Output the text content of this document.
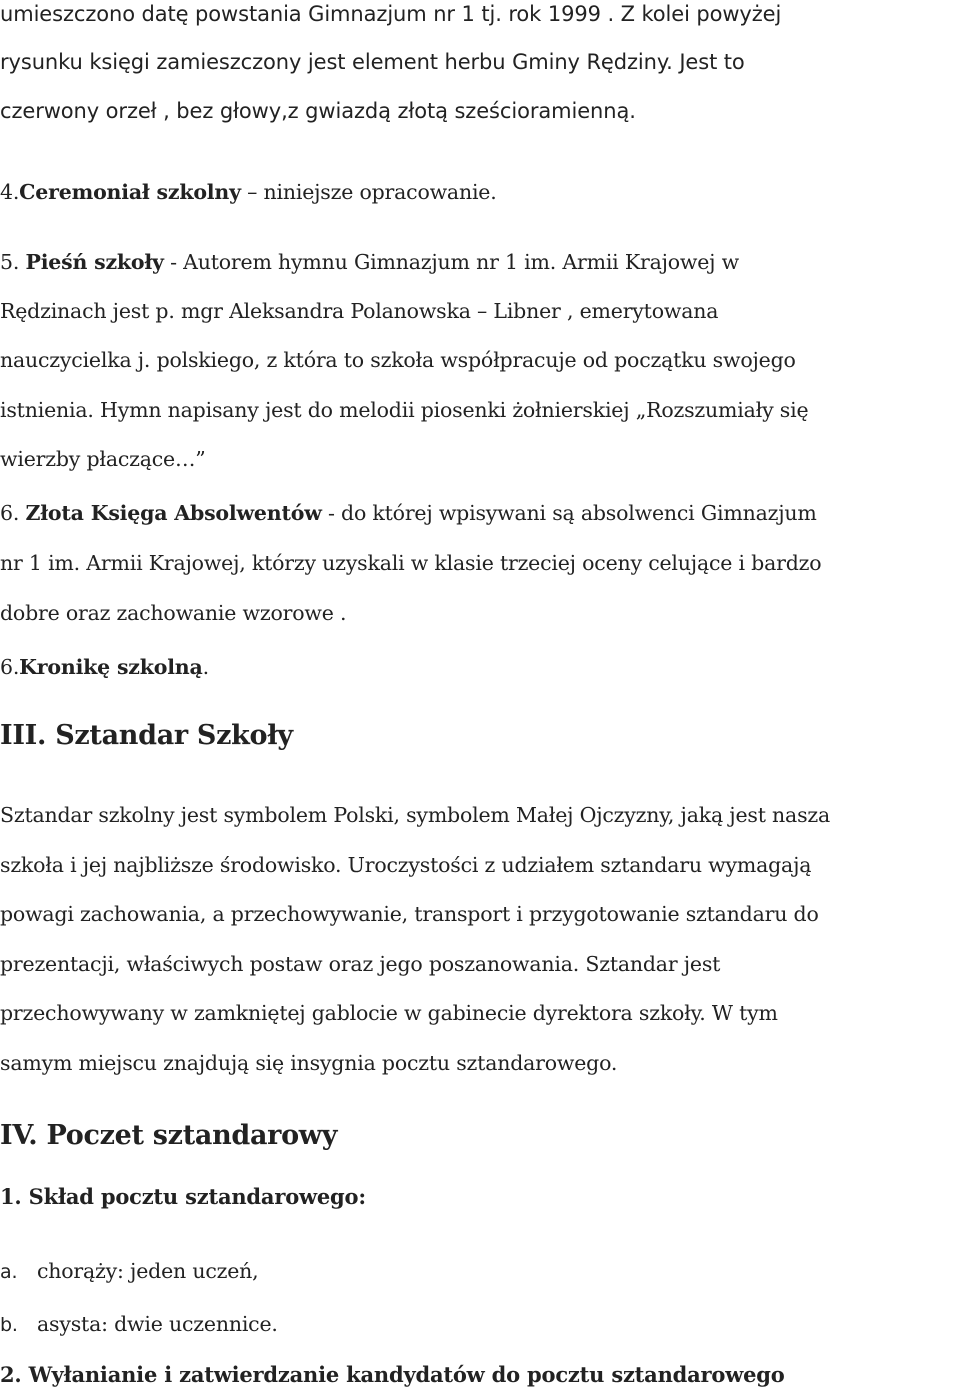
umieszczono datę powstania Gimnazjum nr 1 tj. rok 1999 . Z kolei powyżej
rysunku księgi zamieszczony jest element herbu Gminy Rędziny. Jest to
czerwony orzeł , bez głowy,z gwiazdą złotą sześcioramienną.
4.Ceremoniał szkolny – niniejsze opracowanie.
5. Pieśń szkoły - Autorem hymnu Gimnazjum nr 1 im. Armii Krajowej w
Rędzinach jest p. mgr Aleksandra Polanowska – Libner , emerytowana
nauczycielka j. polskiego, z która to szkoła współpracuje od początku swojego
istnienia. Hymn napisany jest do melodii piosenki żołnierskiej „Rozszumiały się
wierzby płaczące…”
6. Złota Księga Absolwentów - do której wpisywani są absolwenci Gimnazjum
nr 1 im. Armii Krajowej, którzy uzyskali w klasie trzeciej oceny celujące i bardzo
dobre oraz zachowanie wzorowe .
6.Kronikę szkolną.
III. Sztandar Szkoły
Sztandar szkolny jest symbolem Polski, symbolem Małej Ojczyzny, jaką jest nasza
szkoła i jej najbliższe środowisko. Uroczystości z udziałem sztandaru wymagają
powagi zachowania, a przechowywanie, transport i przygotowanie sztandaru do
prezentacji, właściwych postaw oraz jego poszanowania. Sztandar jest
przechowywany w zamkniętej gablocie w gabinecie dyrektora szkoły. W tym
samym miejscu znajdują się insygnia pocztu sztandarowego.
IV. Poczet sztandarowy
1. Skład pocztu sztandarowego:
a. chorąży: jeden uczeń,
b. asysta: dwie uczennice.
2. Wyłanianie i zatwierdzanie kandydatów do pocztu sztandarowego
